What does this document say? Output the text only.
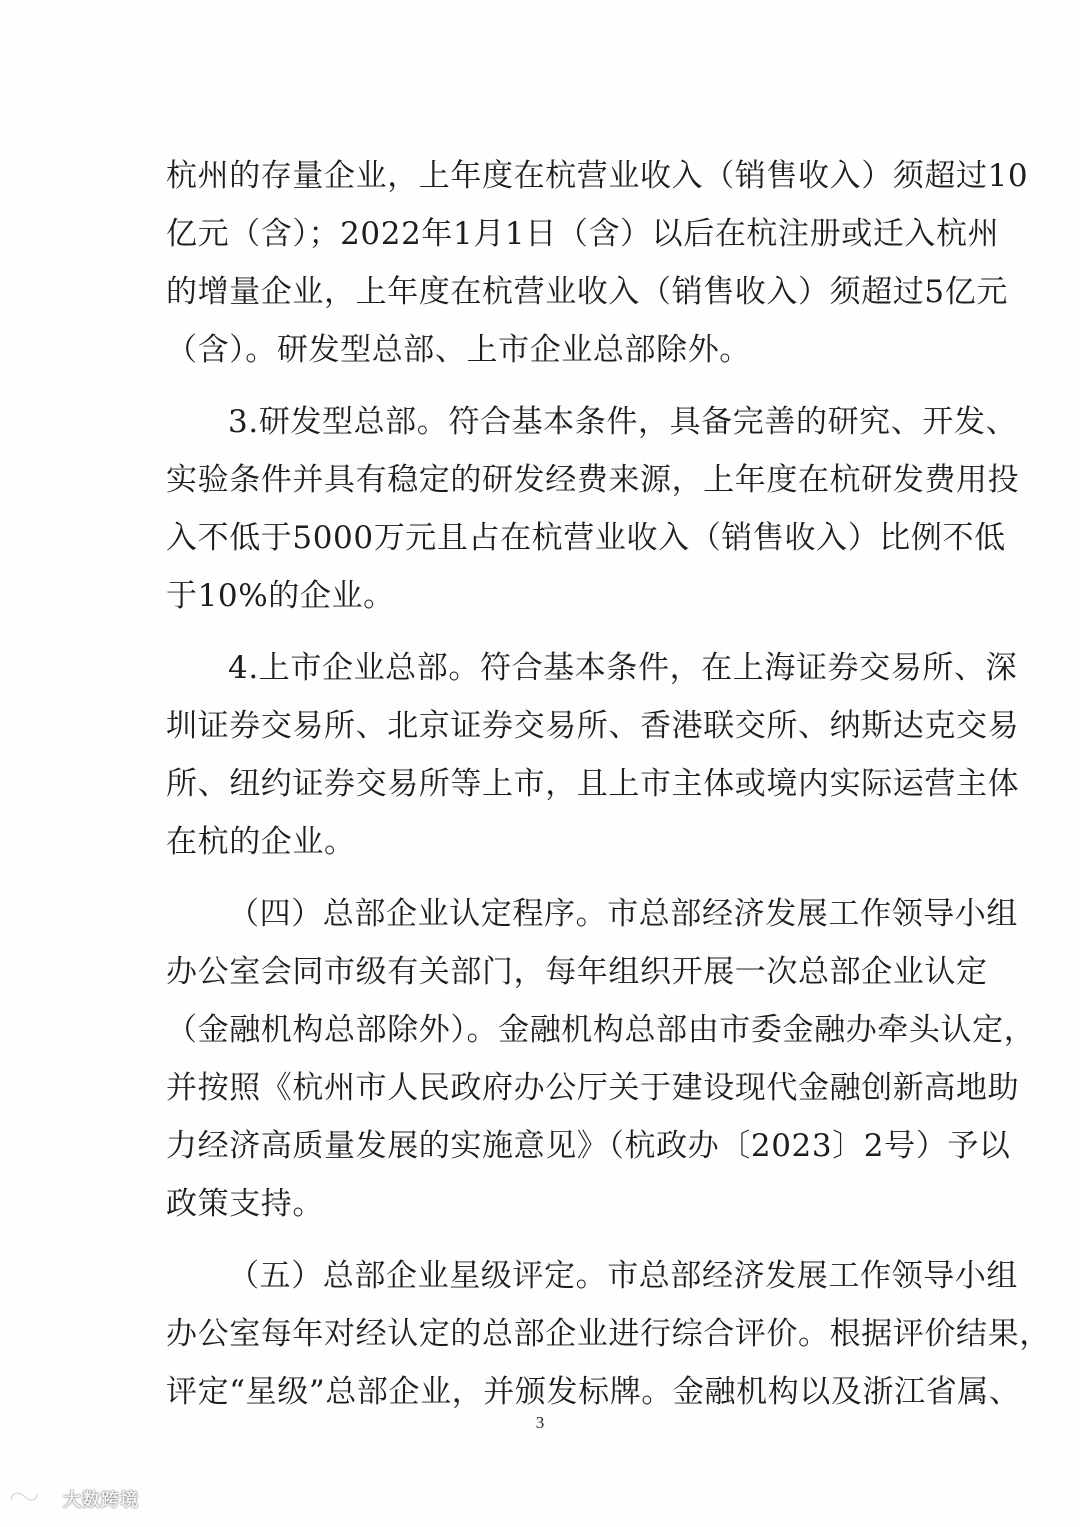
杭州的存量企业，上年度在杭营业收入（销售收入）须超过10
亿元（含）；2022年1月1日（含）以后在杭注册或迁入杭州
的增量企业，上年度在杭营业收入（销售收入）须超过5亿元
（含）。研发型总部、上市企业总部除外。
3.研发型总部。符合基本条件，具备完善的研究、开发、
实验条件并具有稳定的研发经费来源，上年度在杭研发费用投
入不低于5000万元且占在杭营业收入（销售收入）比例不低
于10%的企业。
4.上市企业总部。符合基本条件，在上海证券交易所、深
圳证券交易所、北京证券交易所、香港联交所、纳斯达克交易
所、纽约证券交易所等上市，且上市主体或境内实际运营主体
在杭的企业。
（四）总部企业认定程序。市总部经济发展工作领导小组
办公室会同市级有关部门，每年组织开展一次总部企业认定
（金融机构总部除外）。金融机构总部由市委金融办牵头认定，
并按照《杭州市人民政府办公厅关于建设现代金融创新高地助
力经济高质量发展的实施意见》（杭政办〔2023〕2号）予以
政策支持。
（五）总部企业星级评定。市总部经济发展工作领导小组
办公室每年对经认定的总部企业进行综合评价。根据评价结果，
评定“星级”总部企业，并颁发标牌。金融机构以及浙江省属、
3
大数跨境
